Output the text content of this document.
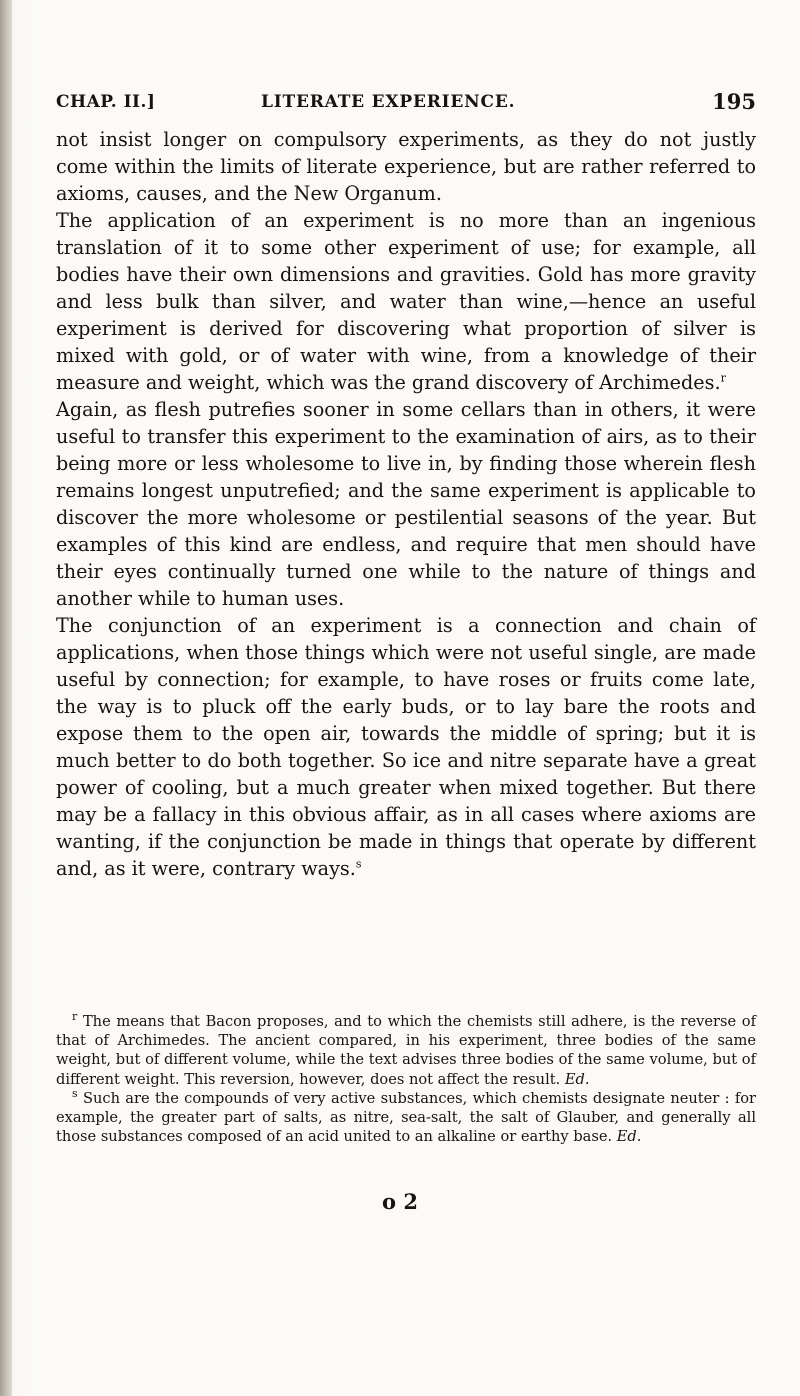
CHAP. II.]	LITERATE EXPERIENCE.	195

not insist longer on compulsory experiments, as they do not justly come within the limits of literate experience, but are rather referred to axioms, causes, and the New Organum.

The application of an experiment is no more than an ingenious translation of it to some other experiment of use; for example, all bodies have their own dimensions and gravities. Gold has more gravity and less bulk than silver, and water than wine,—hence an useful experiment is derived for discovering what proportion of silver is mixed with gold, or of water with wine, from a knowledge of their measure and weight, which was the grand discovery of Archimedes.$^r$

Again, as flesh putrefies sooner in some cellars than in others, it were useful to transfer this experiment to the examination of airs, as to their being more or less wholesome to live in, by finding those wherein flesh remains longest unputrefied; and the same experiment is applicable to discover the more wholesome or pestilential seasons of the year. But examples of this kind are endless, and require that men should have their eyes continually turned one while to the nature of things and another while to human uses.

The conjunction of an experiment is a connection and chain of applications, when those things which were not useful single, are made useful by connection; for example, to have roses or fruits come late, the way is to pluck off the early buds, or to lay bare the roots and expose them to the open air, towards the middle of spring; but it is much better to do both together. So ice and nitre separate have a great power of cooling, but a much greater when mixed together. But there may be a fallacy in this obvious affair, as in all cases where axioms are wanting, if the conjunction be made in things that operate by different and, as it were, contrary ways.$^s$

$^r$ The means that Bacon proposes, and to which the chemists still adhere, is the reverse of that of Archimedes. The ancient compared, in his experiment, three bodies of the same weight, but of different volume, while the text advises three bodies of the same volume, but of different weight. This reversion, however, does not affect the result. Ed.

$^s$ Such are the compounds of very active substances, which chemists designate neuter : for example, the greater part of salts, as nitre, sea-salt, the salt of Glauber, and generally all those substances composed of an acid united to an alkaline or earthy base. Ed.

o 2
